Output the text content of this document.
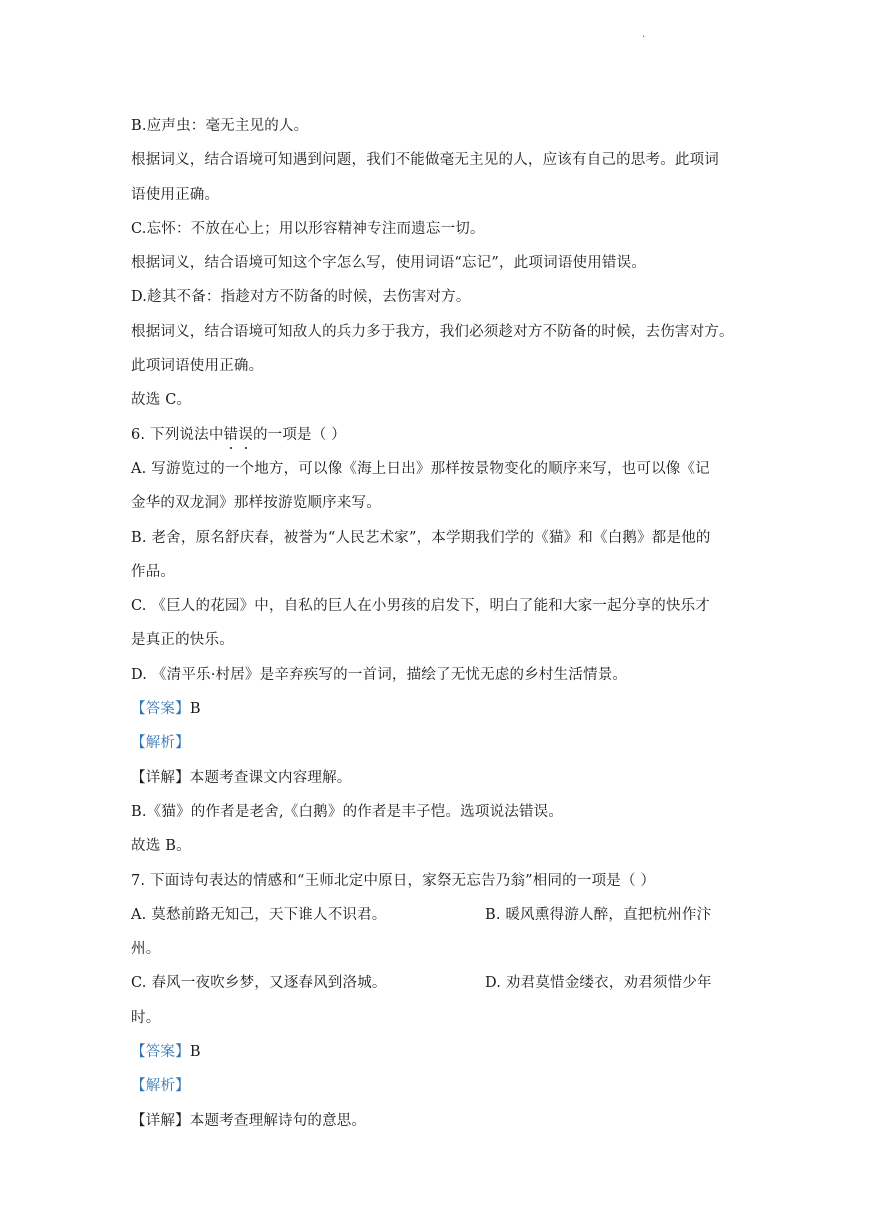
·
B.应声虫：毫无主见的人。
根据词义，结合语境可知遇到问题，我们不能做毫无主见的人，应该有自己的思考。此项词
语使用正确。
C.忘怀：不放在心上；用以形容精神专注而遗忘一切。
根据词义，结合语境可知这个字怎么写，使用词语“忘记”，此项词语使用错误。
D.趁其不备：指趁对方不防备的时候，去伤害对方。
根据词义，结合语境可知敌人的兵力多于我方，我们必须趁对方不防备的时候，去伤害对方。
此项词语使用正确。
故选 C。
6. 下列说法中错误的一项是（ ）
A. 写游览过的一个地方，可以像《海上日出》那样按景物变化的顺序来写，也可以像《记
金华的双龙洞》那样按游览顺序来写。
B. 老舍，原名舒庆春，被誉为“人民艺术家”，本学期我们学的《猫》和《白鹅》都是他的
作品。
C. 《巨人的花园》中，自私的巨人在小男孩的启发下，明白了能和大家一起分享的快乐才
是真正的快乐。
D. 《清平乐·村居》是辛弃疾写的一首词，描绘了无忧无虑的乡村生活情景。
【答案】B
【解析】
【详解】本题考查课文内容理解。
B.《猫》的作者是老舍,《白鹅》的作者是丰子恺。选项说法错误。
故选 B。
7. 下面诗句表达的情感和“王师北定中原日，家祭无忘告乃翁”相同的一项是（ ）
A. 莫愁前路无知己，天下谁人不识君。	B. 暖风熏得游人醉，直把杭州作汴
州。
C. 春风一夜吹乡梦，又逐春风到洛城。	D. 劝君莫惜金缕衣，劝君须惜少年
时。
【答案】B
【解析】
【详解】本题考查理解诗句的意思。
